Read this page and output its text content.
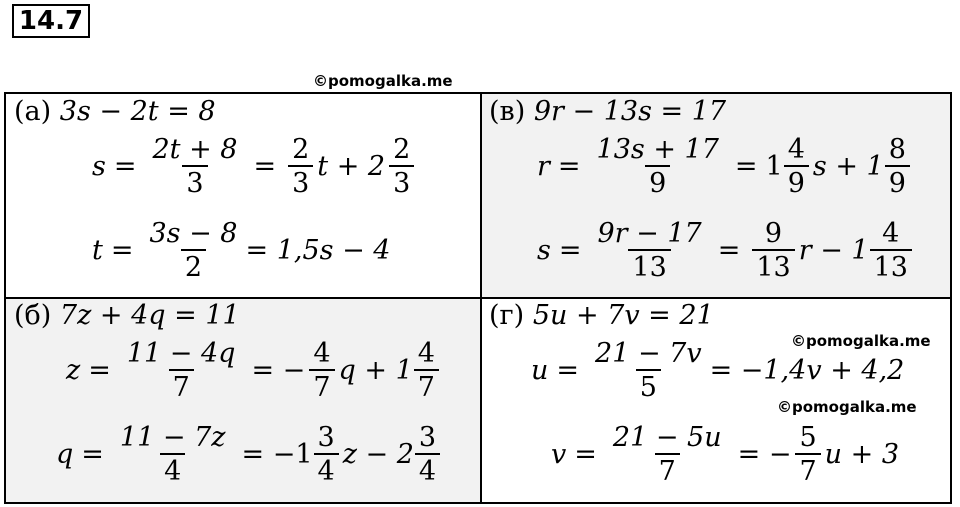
14.7
©pomogalka.me
(а) 3s − 2t = 8
$s = \frac{2t + 8}{3} = \frac{2}{3}$ $t + 2 \frac{2}{3}$
$t = \frac{3s - 8}{2} = 1,5s - 4$
(в) 9r − 13s = 17
$r = \frac{13s + 17}{9} = 1 \frac{4}{9}$ $s + 1 \frac{8}{9}$
$s = \frac{9r - 17}{13} = \frac{9}{13}$ $r - 1 \frac{4}{13}$
(б) 7z + 4q = 11
$z = \frac{11 - 4q}{7}$ = − $\frac{4}{7}$ $q + 1 \frac{4}{7}$
$q = \frac{11 - 7z}{4} = -1 \frac{3}{4}$ $z - 2 \frac{3}{4}$
(г) 5u + 7v = 21
©pomogalka.me
$u = \frac{21 - 7v}{5} = -1,4v + 4,2$
©pomogalka.me
$v = \frac{21 - 5u}{7}$ = − $\frac{5}{7}$ u + 3
